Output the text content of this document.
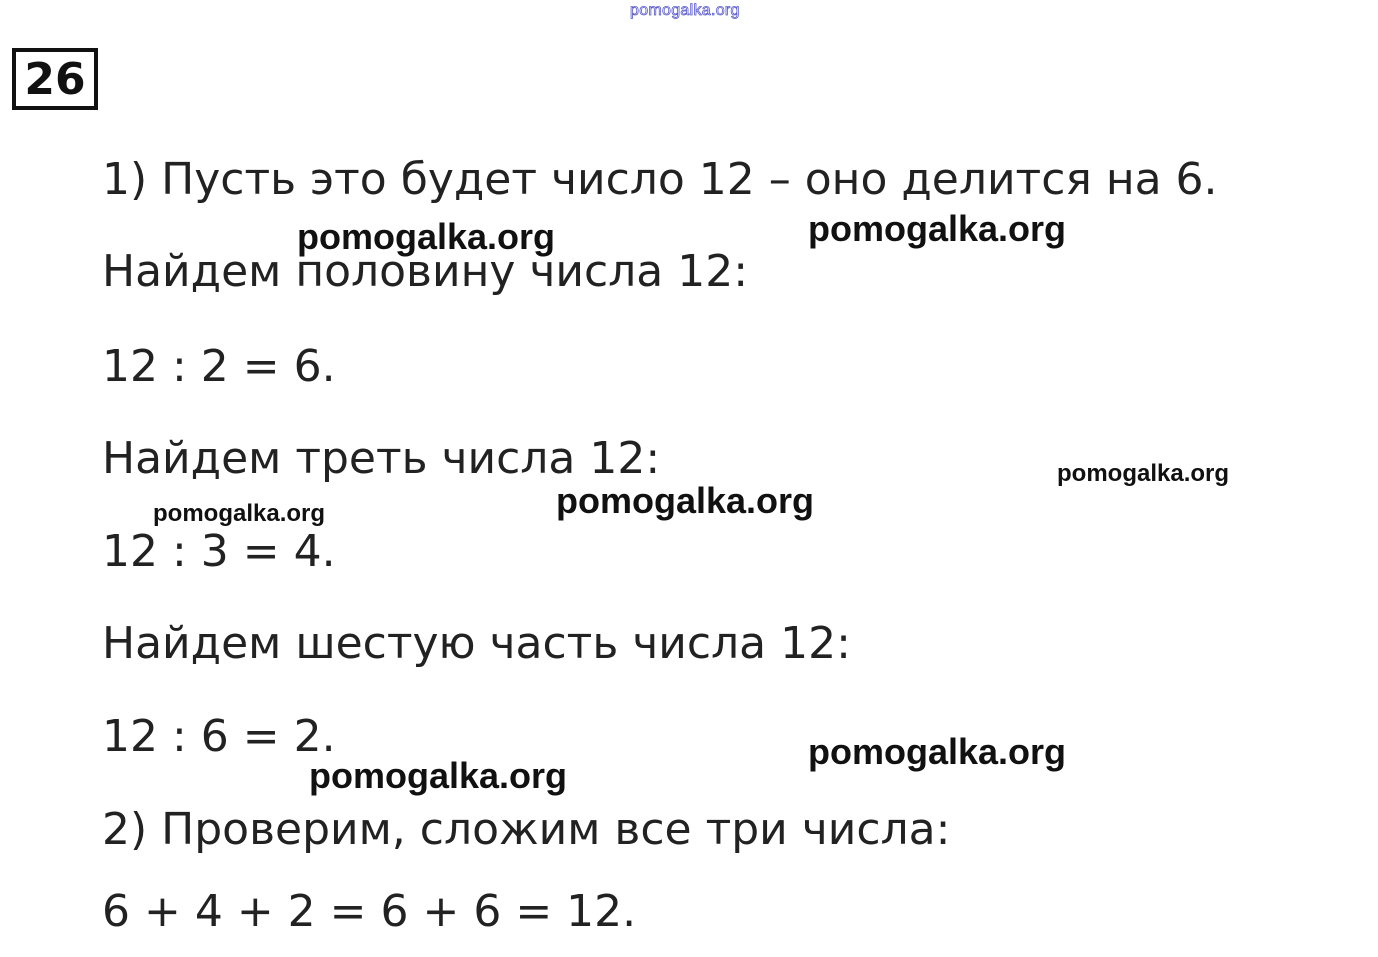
pomogalka.org
26
1) Пусть это будет число 12 – оно делится на 6.
Найдем половину числа 12:
12 : 2 = 6.
Найдем треть числа 12:
12 : 3 = 4.
Найдем шестую часть числа 12:
12 : 6 = 2.
2) Проверим, сложим все три числа:
6 + 4 + 2 = 6 + 6 = 12.
pomogalka.org	pomogalka.org
pomogalka.org
pomogalka.org
pomogalka.org
pomogalka.org
pomogalka.org
